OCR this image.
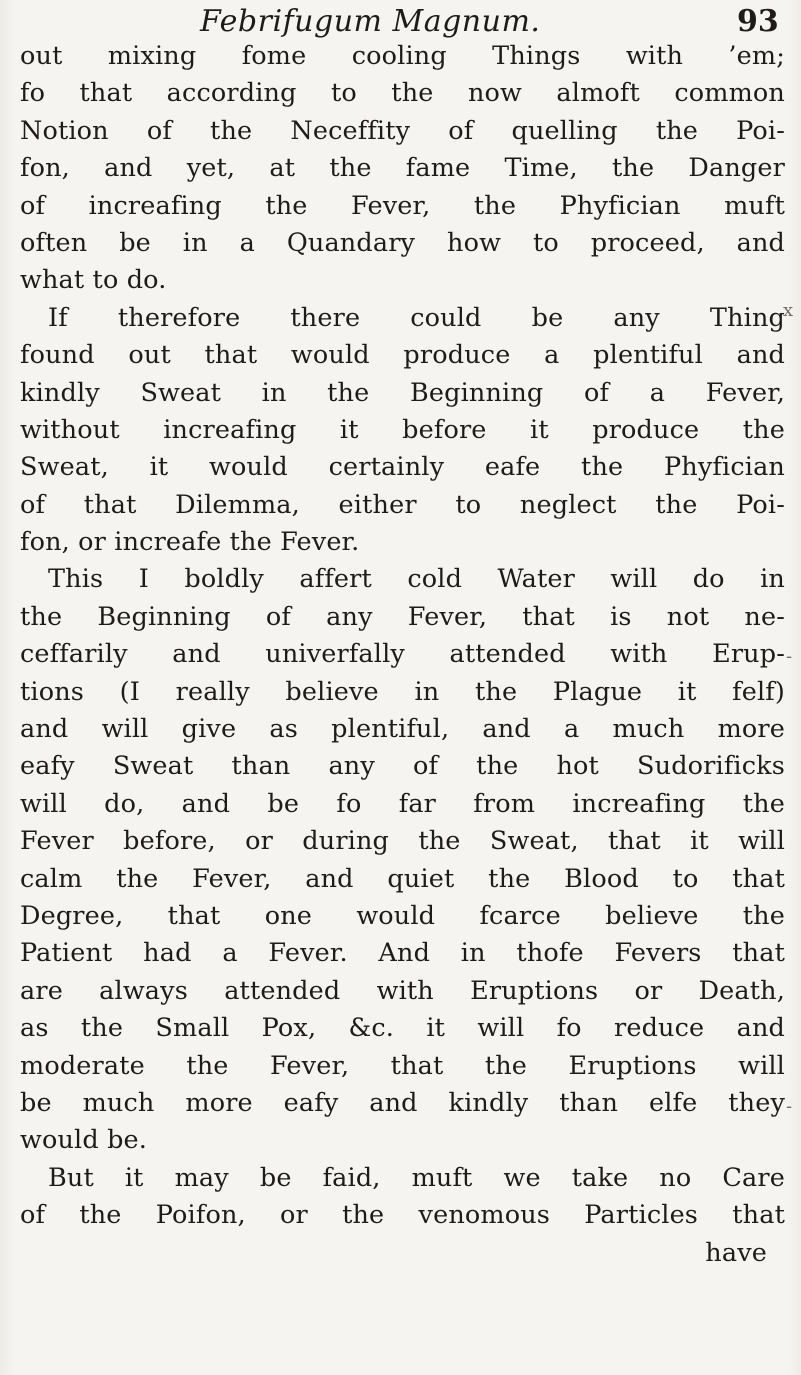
Febrifugum Magnum.	93
out mixing fome cooling Things with ’em;
fo that according to the now almoft common
Notion of the Neceffity of quelling the Poi-
fon, and yet, at the fame Time, the Danger
of increafing the Fever, the Phyfician muft
often be in a Quandary how to proceed, and
what to do.
If therefore there could be any Thing
found out that would produce a plentiful and
kindly Sweat in the Beginning of a Fever,
without increafing it before it produce the
Sweat, it would certainly eafe the Phyfician
of that Dilemma, either to neglect the Poi-
fon, or increafe the Fever.
This I boldly affert cold Water will do in
the Beginning of any Fever, that is not ne-
ceffarily and univerfally attended with Erup-
tions (I really believe in the Plague it felf)
and will give as plentiful, and a much more
eafy Sweat than any of the hot Sudorificks
will do, and be fo far from increafing the
Fever before, or during the Sweat, that it will
calm the Fever, and quiet the Blood to that
Degree, that one would fcarce believe the
Patient had a Fever. And in thofe Fevers that
are always attended with Eruptions or Death,
as the Small Pox, &c. it will fo reduce and
moderate the Fever, that the Eruptions will
be much more eafy and kindly than elfe they
would be.
But it may be faid, muft we take no Care
of the Poifon, or the venomous Particles that
have
x
-
-
